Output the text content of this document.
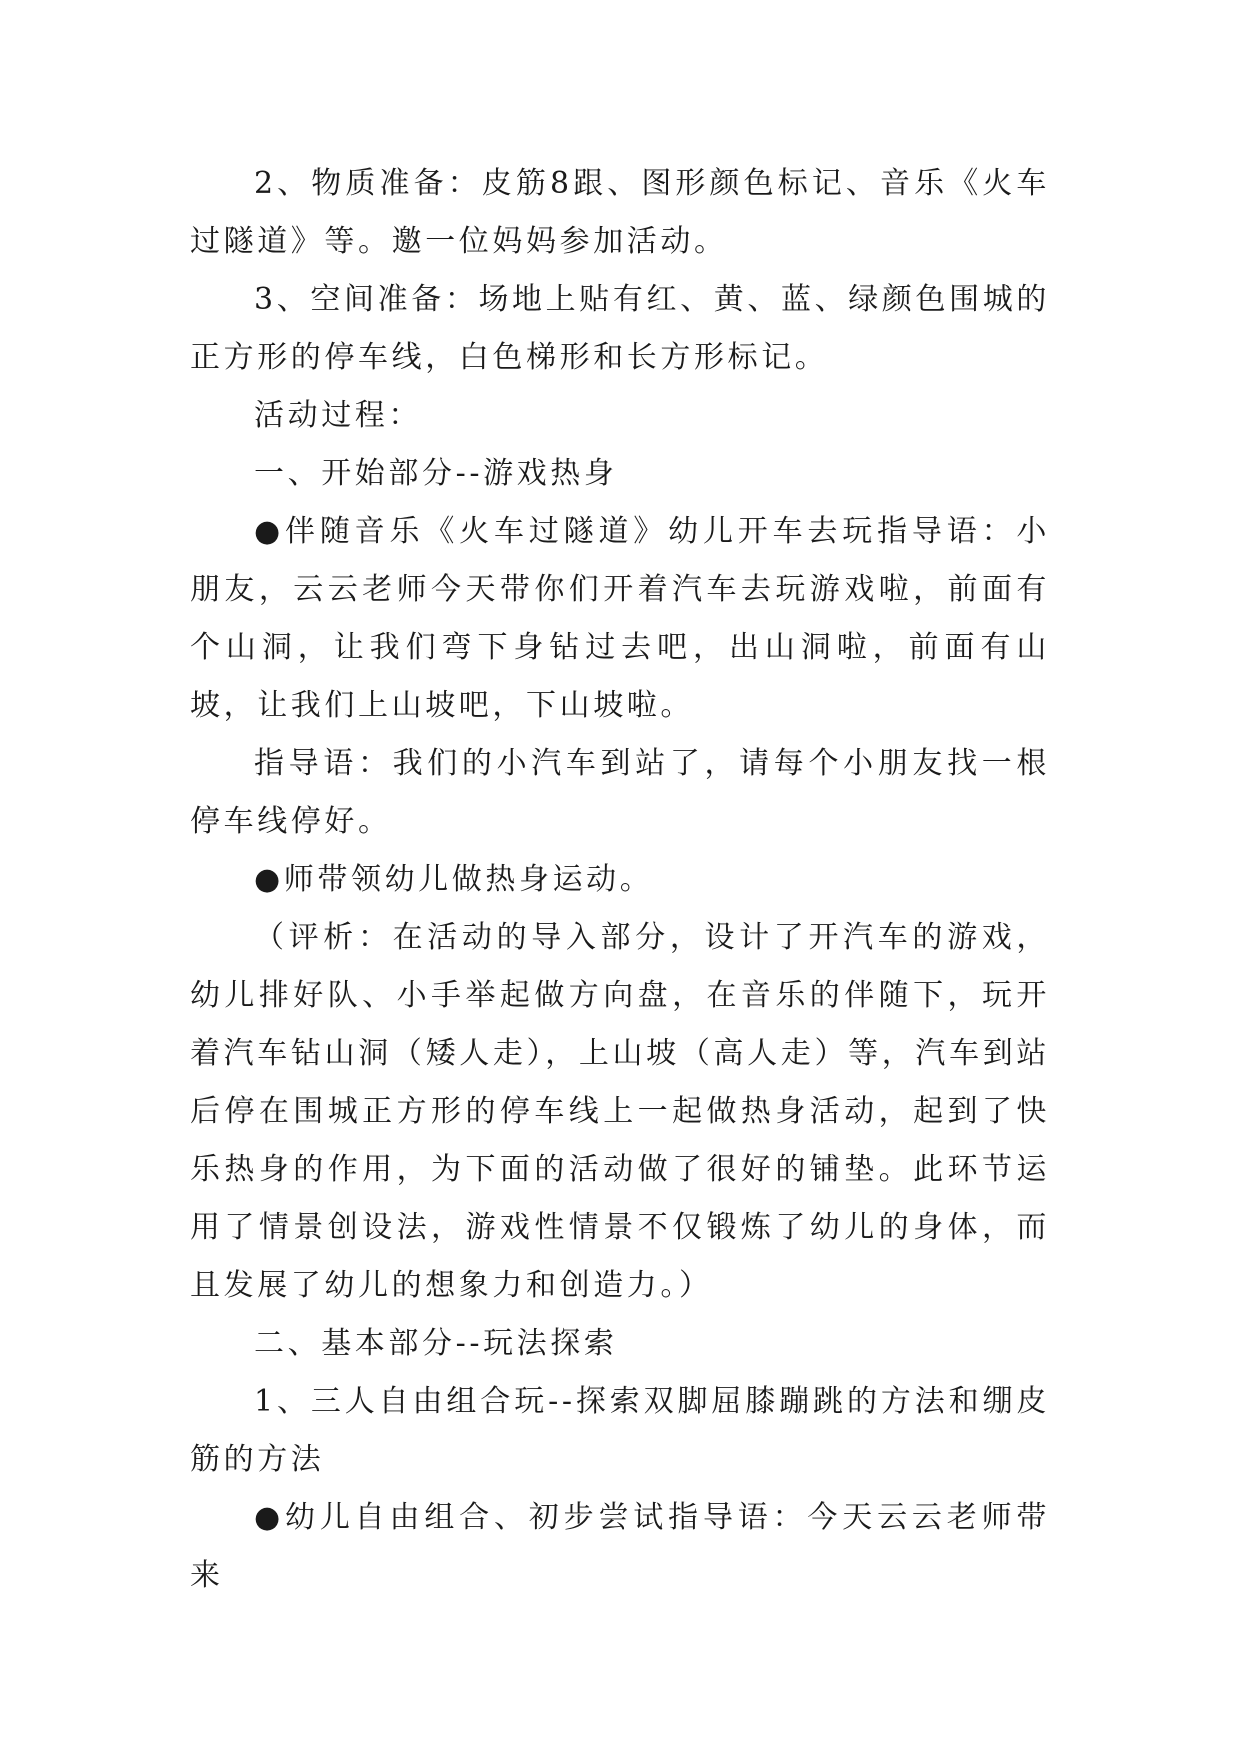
2、物质准备：皮筋8跟、图形颜色标记、音乐《火车过隧道》等。邀一位妈妈参加活动。

3、空间准备：场地上贴有红、黄、蓝、绿颜色围城的正方形的停车线，白色梯形和长方形标记。

活动过程：

一、开始部分--游戏热身

●伴随音乐《火车过隧道》幼儿开车去玩指导语：小朋友，云云老师今天带你们开着汽车去玩游戏啦，前面有个山洞，让我们弯下身钻过去吧，出山洞啦，前面有山坡，让我们上山坡吧，下山坡啦。

指导语：我们的小汽车到站了，请每个小朋友找一根停车线停好。

●师带领幼儿做热身运动。

（评析：在活动的导入部分，设计了开汽车的游戏，幼儿排好队、小手举起做方向盘，在音乐的伴随下，玩开着汽车钻山洞（矮人走），上山坡（高人走）等，汽车到站后停在围城正方形的停车线上一起做热身活动，起到了快乐热身的作用，为下面的活动做了很好的铺垫。此环节运用了情景创设法，游戏性情景不仅锻炼了幼儿的身体，而且发展了幼儿的想象力和创造力。）

二、基本部分--玩法探索

1、三人自由组合玩--探索双脚屈膝蹦跳的方法和绷皮筋的方法

●幼儿自由组合、初步尝试指导语：今天云云老师带来
